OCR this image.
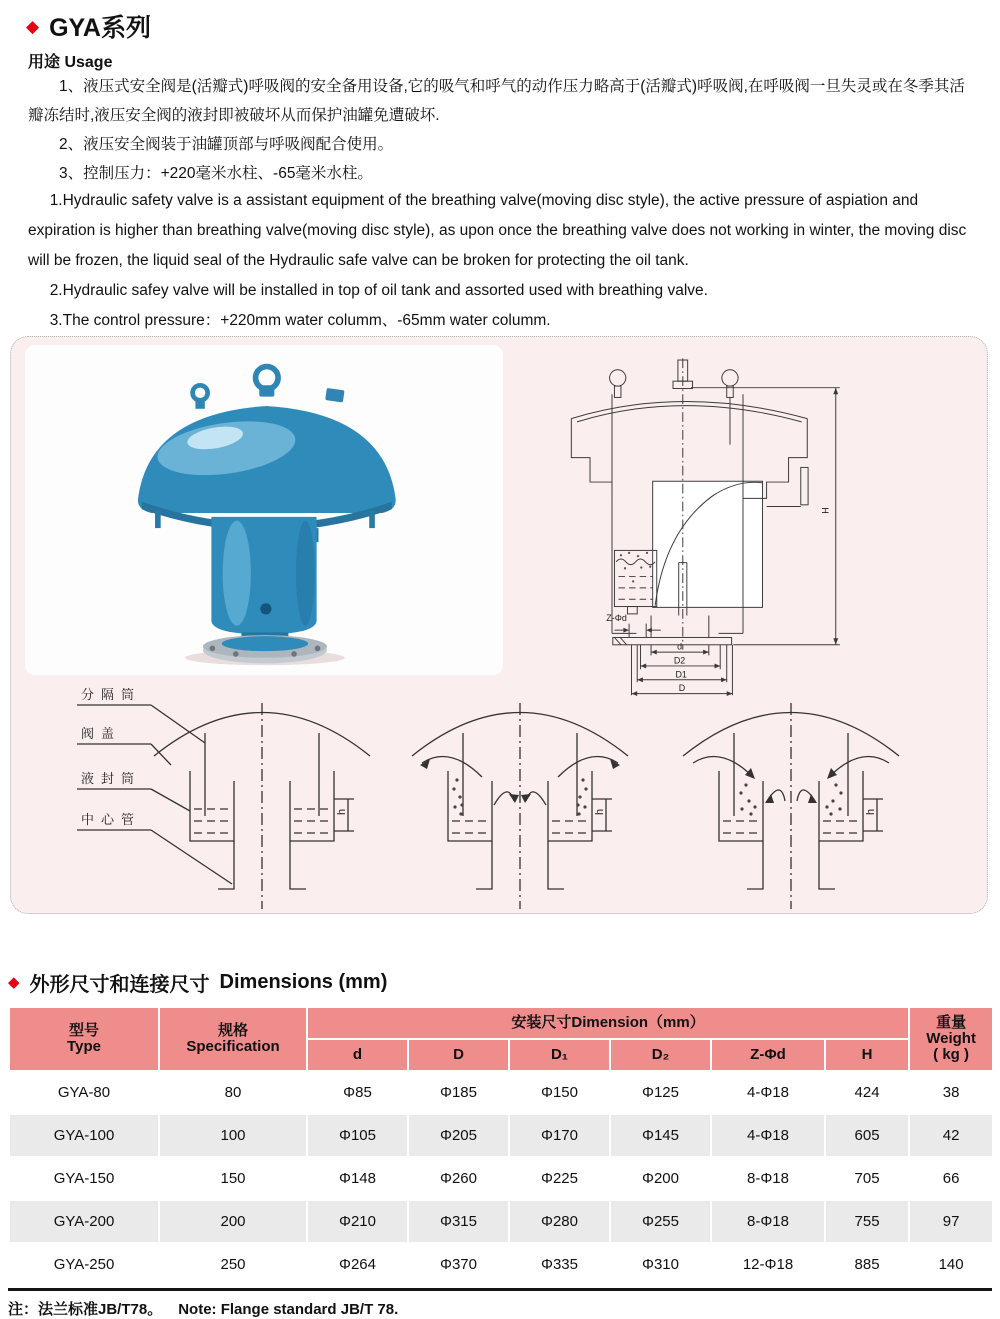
◆ GYA系列
用途 Usage

1、液压式安全阀是(活瓣式)呼吸阀的安全备用设备,它的吸气和呼气的动作压力略高于(活瓣式)呼吸阀,在呼吸阀一旦失灵或在冬季其活瓣冻结时,液压安全阀的液封即被破坏从而保护油罐免遭破坏.

2、液压安全阀装于油罐顶部与呼吸阀配合使用。

3、控制压力：+220毫米水柱、-65毫米水柱。

1.Hydraulic safety valve is a assistant equipment of the breathing valve(moving disc style), the active pressure of aspiation and expiration is higher than breathing valve(moving disc style), as upon once the breathing valve does not working in winter, the moving disc will be frozen, the liquid seal of the Hydraulic safe valve can be broken for protecting the oil tank.

2.Hydraulic safey valve will be installed in top of oil tank and assorted used with breathing valve.

3.The control pressure：+220mm water columm、-65mm water columm.

Z-Φd
d
D2
D1
D
H
h
分隔筒
阀盖
液封筒
中心管
h	h
◆ 外形尺寸和连接尺寸 Dimensions (mm)
型号
Type

规格
Specification
	安装尺寸Dimension（mm）	重量
Weight
( kg )

		d	D	D₁	D₂	Z-Φd	H	
GYA-80	80	Φ85	Φ185	Φ150	Φ125	4-Φ18	424	38
GYA-100	100	Φ105	Φ205	Φ170	Φ145	4-Φ18	605	42
GYA-150	150	Φ148	Φ260	Φ225	Φ200	8-Φ18	705	66
GYA-200	200	Φ210	Φ315	Φ280	Φ255	8-Φ18	755	97
GYA-250	250	Φ264	Φ370	Φ335	Φ310	12-Φ18	885	140
注：法兰标准JB/T78。 Note: Flange standard JB/T 78.
